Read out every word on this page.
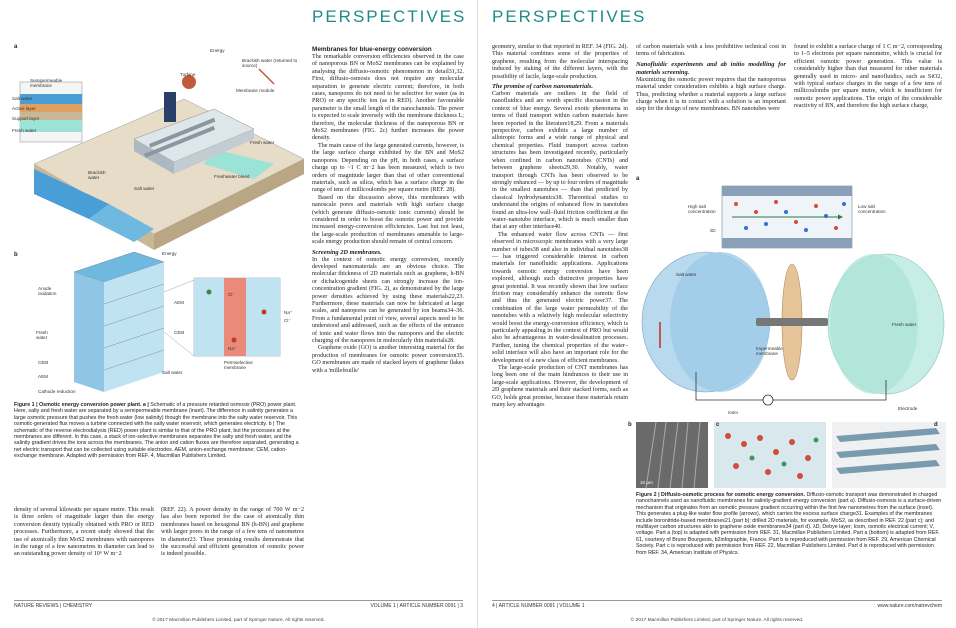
PERSPECTIVES
a
Energy
Brackish water (returned to source)
Turbine
Membrane module
Semipermeable membrane
Salt water
Active layer
Support layer
Fresh water
Fresh water
Freshwater bleed
Brackish water
Salt water
b	Energy
Anode oxidation
Fresh water
CEM
AEM
Cathode reduction
Salt water
AEM
CEM
Cl⁻
Na⁺
Na⁺
Cl⁻
Permselective membrane
Figure 1 | Osmotic energy conversion power plant. a | Schematic of a pressure retarded osmosis (PRO) power plant. Here, salty and fresh water are separated by a semipermeable membrane (inset). The difference in salinity generates a large osmotic pressure that pushes the fresh water (low salinity) though the membrane into the salty water reservoir. This osmotic-generated flux moves a turbine connected with the salty water reservoir, which generates electricity. b | The schematic of the reverse electrodialysis (RED) power plant is similar to that of the PRO plant, but the processes at the membranes are different. In this case, a stack of ion-selective membranes separates the salty and fresh water, and the salinity gradient drives the ions across the membranes. The anion and cation fluxes are therefore separated, generating a net electric transport that can be collected using suitable electrodes. AEM, anion-exchange membrane; CEM, cation-exchange membrane. Adapted with permission from REF. 4, Macmillan Publishers Limited.

density of several kilowatts per square metre. This result is three orders of magnitude larger than the energy conversion density typically obtained with PRO or RED processes. Furthermore, a recent study showed that the use of atomically thin MoS2 membranes with nanopores in the range of a few nanometres in diameter can lead to an outstanding power density of 10⁶ W m−2

(REF. 22). A power density in the range of 700 W m−2 has also been reported for the case of atomically thin membranes based on hexagonal BN (h-BN) and graphene with larger pores in the range of a few tens of nanometres in diameter23. These promising results demonstrate that the successful and efficient generation of osmotic power is indeed possible.

Membranes for blue-energy conversion

The remarkable conversion efficiencies observed in the case of nanoporous BN or MoS2 membranes can be explained by analysing the diffusio-osmotic phenomenon in detail31,32. First, diffusio-osmosis does not require any molecular separation to generate electric current; therefore, in both cases, nanopores do not need to be selective for water (as in PRO) or any specific ion (as in RED). Another favourable parameter is the small length of the nanochannels. The power is expected to scale inversely with the membrane thickness L; therefore, the molecular thickness of the nanoporous BN or MoS2 membranes (FIG. 2c) further increases the power density.

The main cause of the large generated currents, however, is the large surface charge exhibited by the BN and MoS2 nanopores. Depending on the pH, in both cases, a surface charge up to ~1 C m−2 has been measured, which is two orders of magnitude larger than that of other conventional materials, such as silica, which has a surface charge in the range of tens of millicoulombs per square metre (REF. 28).

Based on the discussion above, this membranes with nanoscale pores and materials with high surface charge (which generate diffusio-osmotic ionic currents) should be considered in order to boost the osmotic power and provide increased energy-conversion efficiencies. Last but not least, the large-scale production of membranes amenable to large-scale energy production should remain of central concern.

Screening 2D membranes.

In the context of osmotic energy conversion, recently developed nanomaterials are an obvious choice. The molecular thickness of 2D materials such as graphene, h-BN or dichalcogenide sheets can strongly increase the ion-concentration gradient (FIG. 2), as demonstrated by the large power densities achieved by using these materials22,23. Furthermore, these materials can now be fabricated at large scales, and nanopores can be generated by ion beams34–36. From a fundamental point of view, several aspects need to be understood and addressed, such as the effects of the entrance of ionic and water flows into the nanopores and the electric charging of the nanopores in molecularly thin materials28.

Graphene oxide (GO) is another interesting material for the production of membranes for osmotic power conversion35. GO membranes are made of stacked layers of graphene flakes with a 'millefeuille'

NATURE REVIEWS | CHEMISTRY	VOLUME 1 | ARTICLE NUMBER 0091 | 3
© 2017 Macmillan Publishers Limited, part of Springer Nature. All rights reserved.
PERSPECTIVES

geometry, similar to that reported in REF. 34 (FIG. 2d). This material combines some of the properties of graphene, resulting from the molecular interspacing induced by staking of the different layers, with the possibility of facile, large-scale production.

The promise of carbon nanomaterials.

Carbon materials are outliers in the field of nanofluidics and are worth specific discussion in the context of blue energy. Several exotic phenomena in terms of fluid transport within carbon materials have been reported in the literature18,29. From a materials perspective, carbon exhibits a large number of allotropic forms and a wide range of physical and chemical properties. Fluid transport across carbon structures has been investigated recently, particularly when confined in carbon nanotubes (CNTs) and between graphene sheets29,30. Notably, water transport through CNTs has been observed to be strongly enhanced — by up to four orders of magnitude in the smallest nanotubes — than that predicted by classical hydrodynamics38. Theoretical studies to understand the origins of enhanced flow in nanotubes found an ultra-low wall–fluid friction coefficient at the water–nanotube interface, which is much smaller than that at any other interface40.

The enhanced water flow across CNTs — first observed in microscopic membranes with a very large number of tubes38 and also in individual nanotubes38 — has triggered considerable interest in carbon materials for nanofluidic applications. Applications towards osmotic energy conversion have been explored, although such distinctive properties have great potential. It was recently shown that low surface friction may considerably enhance the osmotic flow and thus the generated electric power37. The combination of the large water permeability of the nanotubes with a relatively high molecular selectivity would boost the energy-conversion efficiency, which is particularly appealing in the context of PRO but would also be advantageous in water-desalination processes. Further, tuning the chemical properties of the water–solid interface will also have an important role for the development of a new class of efficient membranes.

The large-scale production of CNT membranes has long been one of the main hindrances to their use in large-scale applications. However, the development of 2D graphene materials and their stacked forms, such as GO, holds great promise, because these materials retain many key advantages

of carbon materials with a less prohibitive technical cost in terms of fabrication.

Nanofluidic experiments and ab initio modelling for materials screening.

Maximizing the osmotic power requires that the nanoporous material under consideration exhibits a high surface charge. Thus, predicting whether a material supports a large surface charge when it is in contact with a solution is an important step for the design of new membranes. BN nanotubes were

found to exhibit a surface charge of 1 C m−2, corresponding to 1–5 electrons per square nanometre, which is crucial for efficient osmotic power generation. This value is considerably higher than that measured for other materials generally used in micro- and nanofluidics, such as SiO2, with typical surface charges in the range of a few tens of millicoulombs per square metre, which is insufficient for osmotic power applications. The origin of the considerable reactivity of BN, and therefore the high surface charge,

a
High salt concentration
Low salt concentration
λD
Salt water
Impermeable membrane
Fresh water
Electrode
Iosm
b	c	d
10 μm
Figure 2 | Diffusio-osmotic process for osmotic energy conversion. Diffusio-osmotic transport was demonstrated in charged nanochannels used as nanofluidic membranes for salinity-gradient energy conversion (part a). Diffusio-osmosis is a surface-driven mechanism that originates from an osmotic pressure gradient occurring within the first few nanometres from the surface (inset). This generates a plug-like water flow profile (arrows), which carries the excess surface charge31. Examples of the membranes include boronitride-based membranes21 (part b); drilled 2D materials, for example, MoS2, as described in REF. 22 (part c); and multilayer carbon structures akin to graphene oxide membranes34 (part d). λD, Debye layer; Iosm, osmotic electrical current; V, voltage. Part a (top) is adapted with permission from REF. 31, Macmillan Publishers Limited. Part a (bottom) is adapted from REF. 61, courtesy of Bruno Bourgeois, b2infographie, France. Part b is reproduced with permission from REF. 29, American Chemical Society. Part c is reproduced with permission from REF. 22, Macmillan Publishers Limited. Part d is reproduced with permission from REF. 34, American Institute of Physics.
4 | ARTICLE NUMBER 0091 | VOLUME 1	www.nature.com/natrevchem
© 2017 Macmillan Publishers Limited, part of Springer Nature. All rights reserved.
